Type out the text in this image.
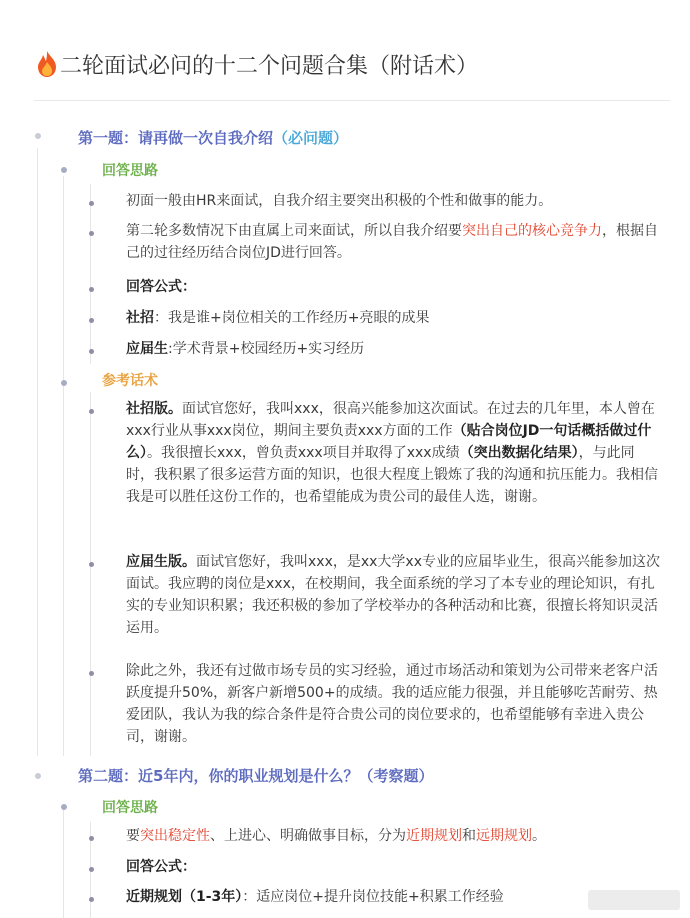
二轮面试必问的十二个问题合集（附话术）
第一题：请再做一次自我介绍（必问题）
回答思路
初面一般由HR来面试，自我介绍主要突出积极的个性和做事的能力。
第二轮多数情况下由直属上司来面试，所以自我介绍要突出自己的核心竞争力，根据自己的过往经历结合岗位JD进行回答。
回答公式：
社招：我是谁+岗位相关的工作经历+亮眼的成果
应届生:学术背景+校园经历+实习经历
参考话术
社招版。面试官您好，我叫xxx，很高兴能参加这次面试。在过去的几年里，本人曾在xxx行业从事xxx岗位，期间主要负责xxx方面的工作（贴合岗位JD一句话概括做过什么）。我很擅长xxx，曾负责xxx项目并取得了xxx成绩（突出数据化结果），与此同时，我积累了很多运营方面的知识，也很大程度上锻炼了我的沟通和抗压能力。我相信我是可以胜任这份工作的，也希望能成为贵公司的最佳人选，谢谢。
应届生版。面试官您好，我叫xxx，是xx大学xx专业的应届毕业生，很高兴能参加这次面试。我应聘的岗位是xxx，在校期间，我全面系统的学习了本专业的理论知识，有扎实的专业知识积累；我还积极的参加了学校举办的各种活动和比赛，很擅长将知识灵活运用。
除此之外，我还有过做市场专员的实习经验，通过市场活动和策划为公司带来老客户活跃度提升50%，新客户新增500+的成绩。我的适应能力很强，并且能够吃苦耐劳、热爱团队，我认为我的综合条件是符合贵公司的岗位要求的，也希望能够有幸进入贵公司，谢谢。
第二题：近5年内，你的职业规划是什么？（考察题）
回答思路
要突出稳定性、上进心、明确做事目标，分为近期规划和远期规划。
回答公式：
近期规划（1-3年）：适应岗位+提升岗位技能+积累工作经验
